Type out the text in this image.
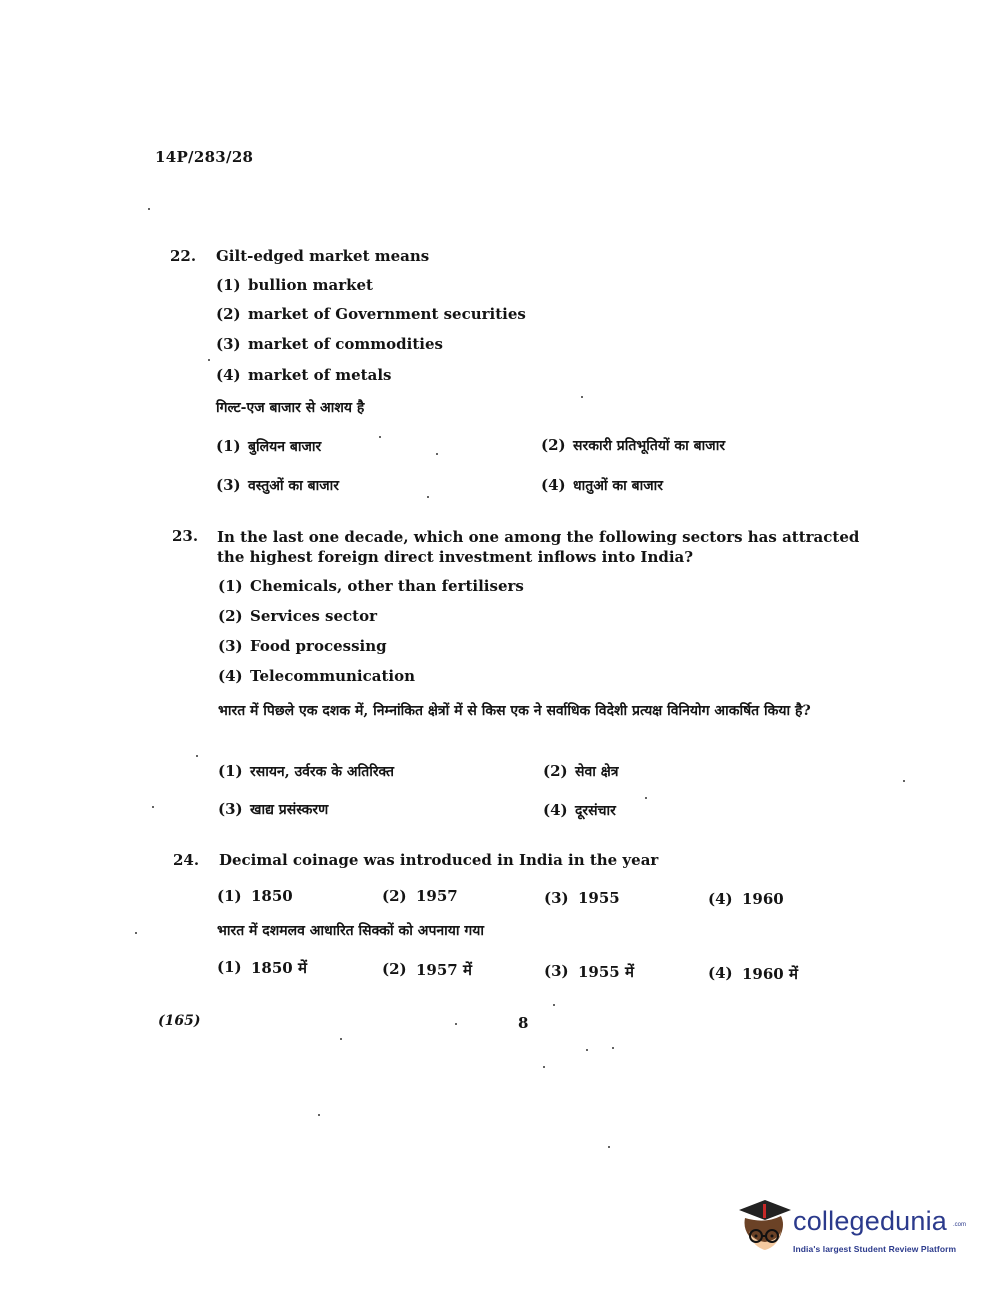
14P/283/28
22. Gilt-edged market means
(1) bullion market
(2) market of Government securities
(3) market of commodities
(4) market of metals
गिल्ट-एज बाजार से आशय है
(1) बुलियन बाजार	(2) सरकारी प्रतिभूतियों का बाजार
(3) वस्तुओं का बाजार	(4) धातुओं का बाजार
23. In the last one decade, which one among the following sectors has attracted the highest foreign direct investment inflows into India?
(1) Chemicals, other than fertilisers
(2) Services sector
(3) Food processing
(4) Telecommunication
भारत में पिछले एक दशक में, निम्नांकित क्षेत्रों में से किस एक ने सर्वाधिक विदेशी प्रत्यक्ष विनियोग आकर्षित किया है?
(1) रसायन, उर्वरक के अतिरिक्त	(2) सेवा क्षेत्र
(3) खाद्य प्रसंस्करण	(4) दूरसंचार
24. Decimal coinage was introduced in India in the year
(1) 1850	(2) 1957	(3) 1955	(4) 1960
भारत में दशमलव आधारित सिक्कों को अपनाया गया
(1) 1850 में	(2) 1957 में	(3) 1955 में	(4) 1960 में
(165)	8
collegedunia .com
India's largest Student Review Platform
